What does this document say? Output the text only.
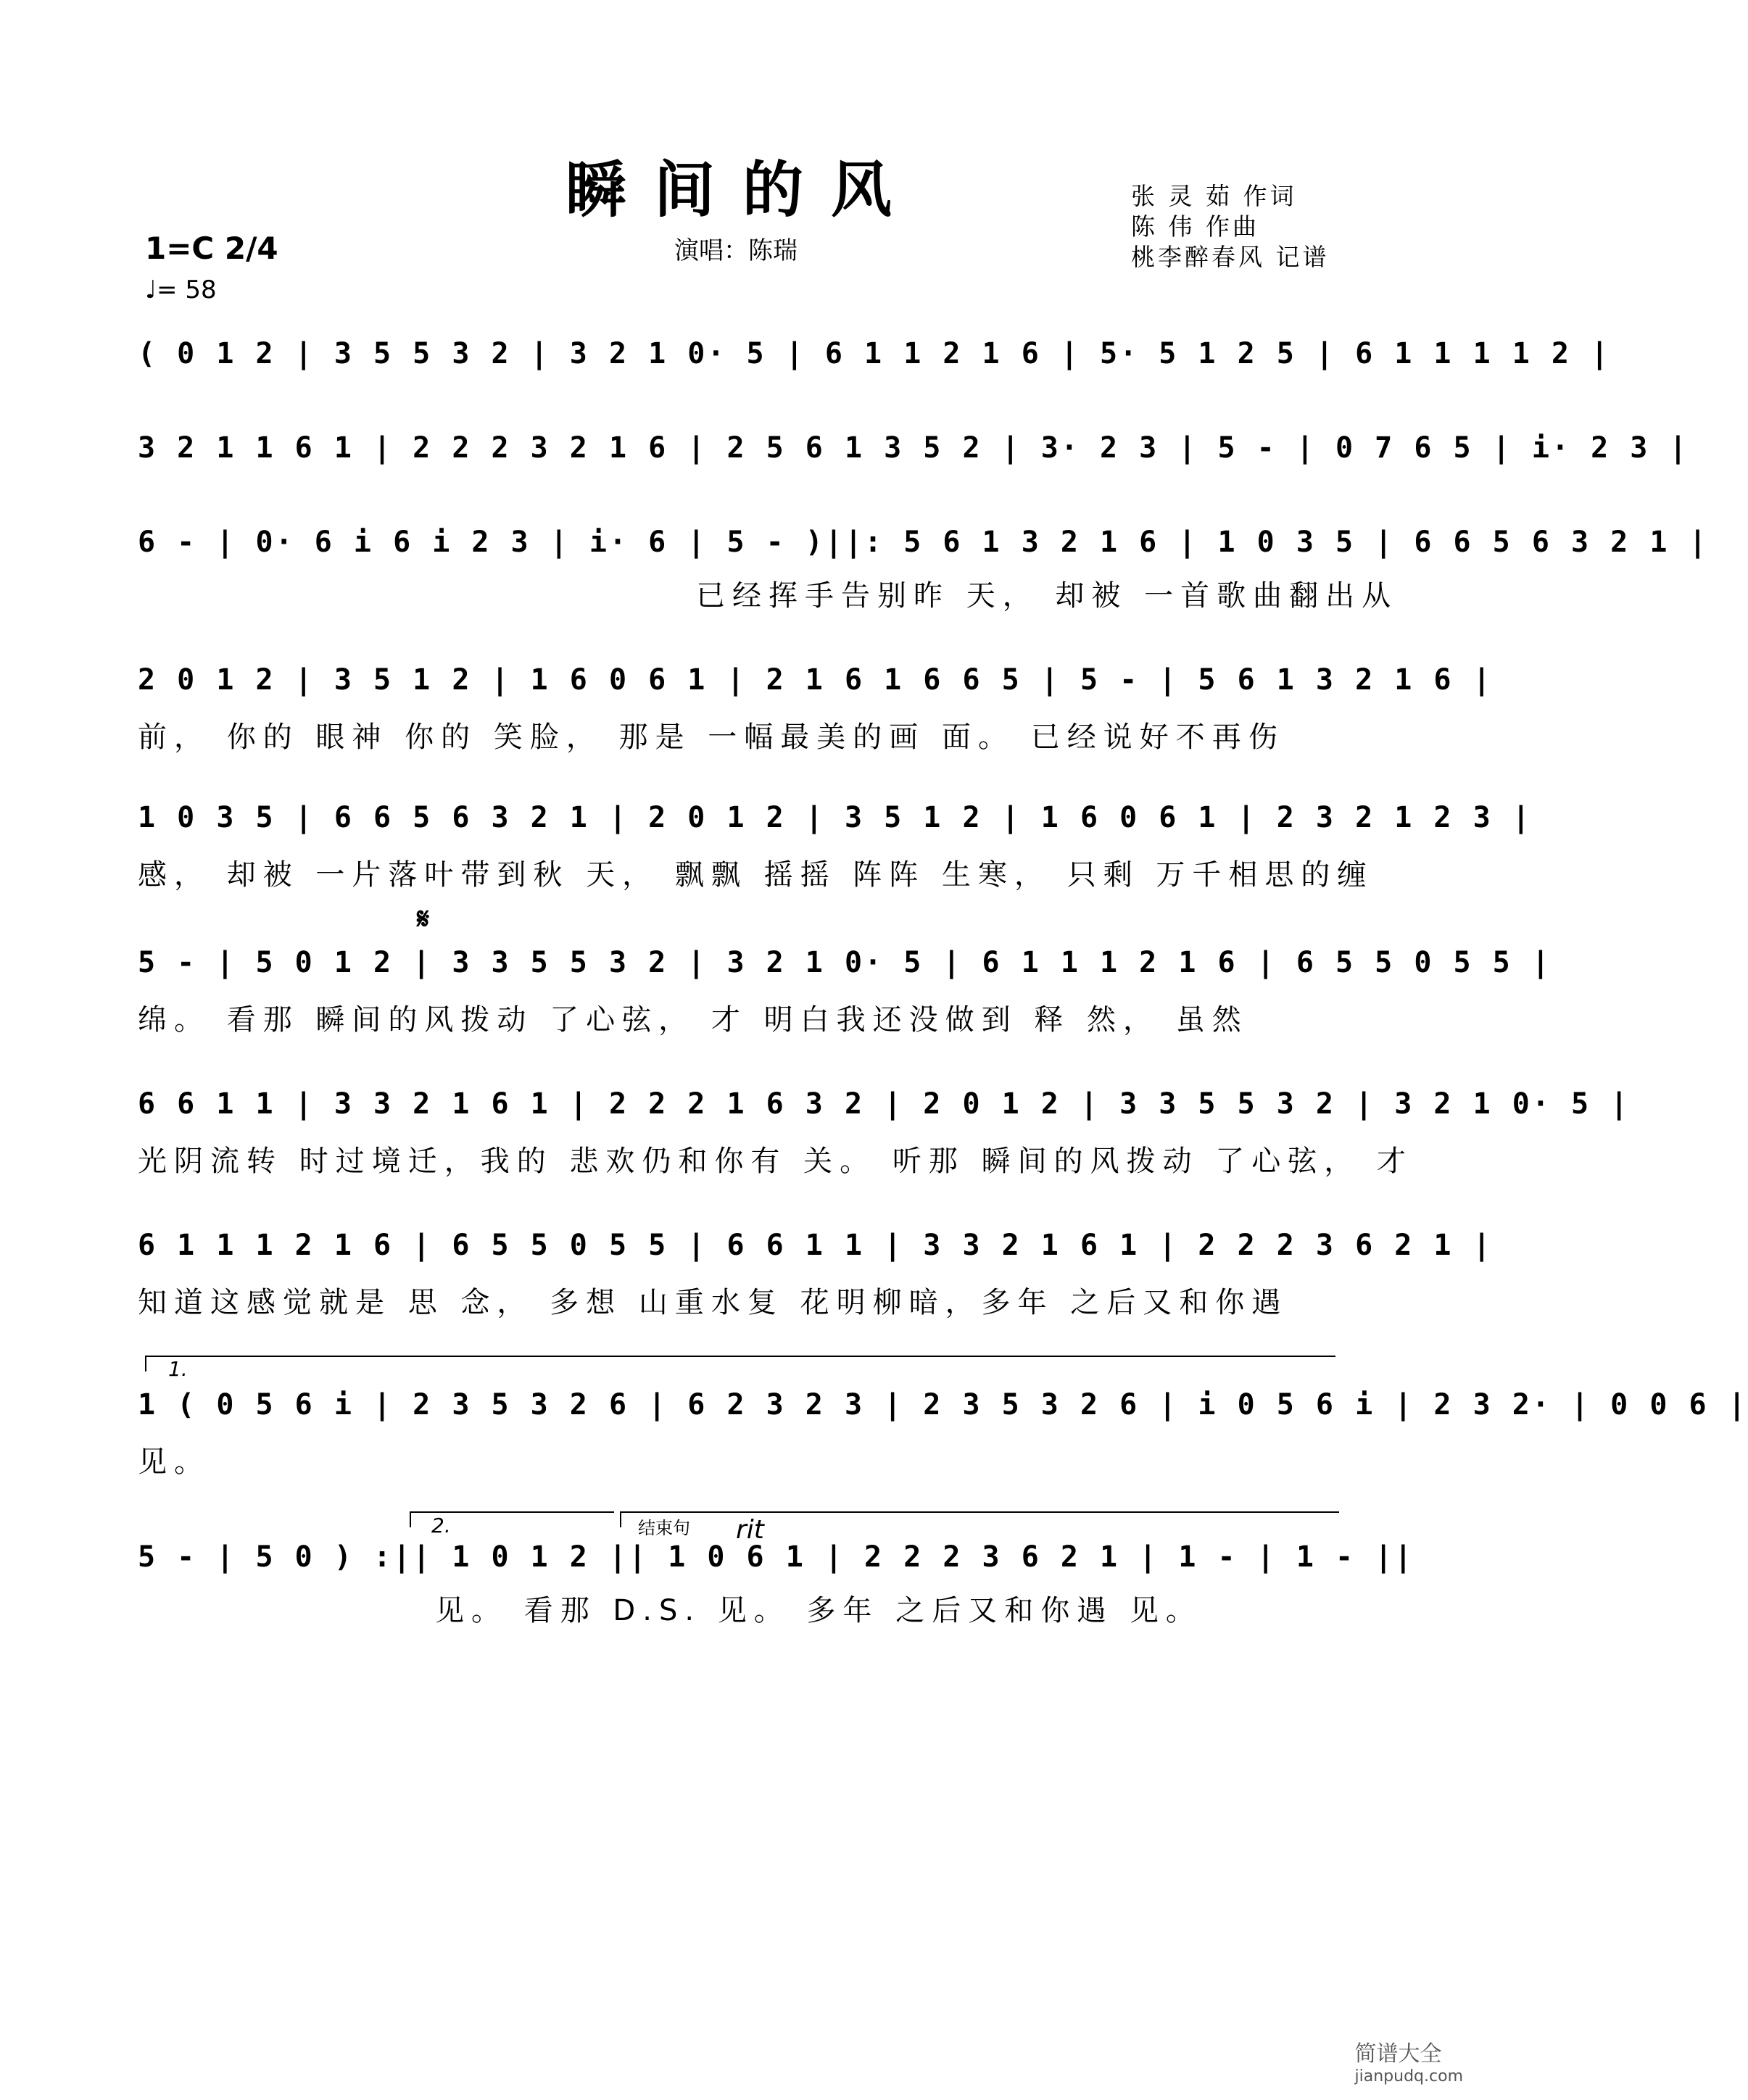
瞬间的风	张 灵 茹 作词
陈 伟 作曲
桃李醉春风 记谱
演唱：陈瑞
1=C 2/4
♩= 58
( 0 1 2 | 3 5 5 3 2 | 3 2 1 0· 5 | 6 1 1 2 1 6 | 5· 5 1 2 5 | 6 1 1 1 1 2 |
3 2 1 1 6 1 | 2 2 2 3 2 1 6 | 2 5 6 1 3 5 2 | 3· 2 3 | 5 - | 0 7 6 5 | i· 2 3 |
6 - | 0· 6 i 6 i 2 3 | i· 6 | 5 - )||: 5 6 1 3 2 1 6 | 1 0 3 5 | 6 6 5 6 3 2 1 |
已经挥手告别昨 天， 却被 一首歌曲翻出从
2 0 1 2 | 3 5 1 2 | 1 6 0 6 1 | 2 1 6 1 6 6 5 | 5 - | 5 6 1 3 2 1 6 |
前， 你的 眼神 你的 笑脸， 那是 一幅最美的画 面。 已经说好不再伤
1 0 3 5 | 6 6 5 6 3 2 1 | 2 0 1 2 | 3 5 1 2 | 1 6 0 6 1 | 2 3 2 1 2 3 |
感， 却被 一片落叶带到秋 天， 飘飘 摇摇 阵阵 生寒， 只剩 万千相思的缠
𝄋
5 - | 5 0 1 2 | 3 3 5 5 3 2 | 3 2 1 0· 5 | 6 1 1 1 2 1 6 | 6 5 5 0 5 5 |
绵。 看那 瞬间的风拨动 了心弦， 才 明白我还没做到 释 然， 虽然
6 6 1 1 | 3 3 2 1 6 1 | 2 2 2 1 6 3 2 | 2 0 1 2 | 3 3 5 5 3 2 | 3 2 1 0· 5 |
光阴流转 时过境迁，我的 悲欢仍和你有 关。 听那 瞬间的风拨动 了心弦， 才
6 1 1 1 2 1 6 | 6 5 5 0 5 5 | 6 6 1 1 | 3 3 2 1 6 1 | 2 2 2 3 6 2 1 |
知道这感觉就是 思 念， 多想 山重水复 花明柳暗，多年 之后又和你遇
1.
1 ( 0 5 6 i | 2 3 5 3 2 6 | 6 2 3 2 3 | 2 3 5 3 2 6 | i 0 5 6 i | 2 3 2· | 0 0 6 |
见。
2.	结束句 rit
5 - | 5 0 ) :|| 1 0 1 2 || 1 0 6 1 | 2 2 2 3 6 2 1 | 1 - | 1 - ||
见。 看那 D.S. 见。 多年 之后又和你遇 见。
简谱大全
jianpudq.com
